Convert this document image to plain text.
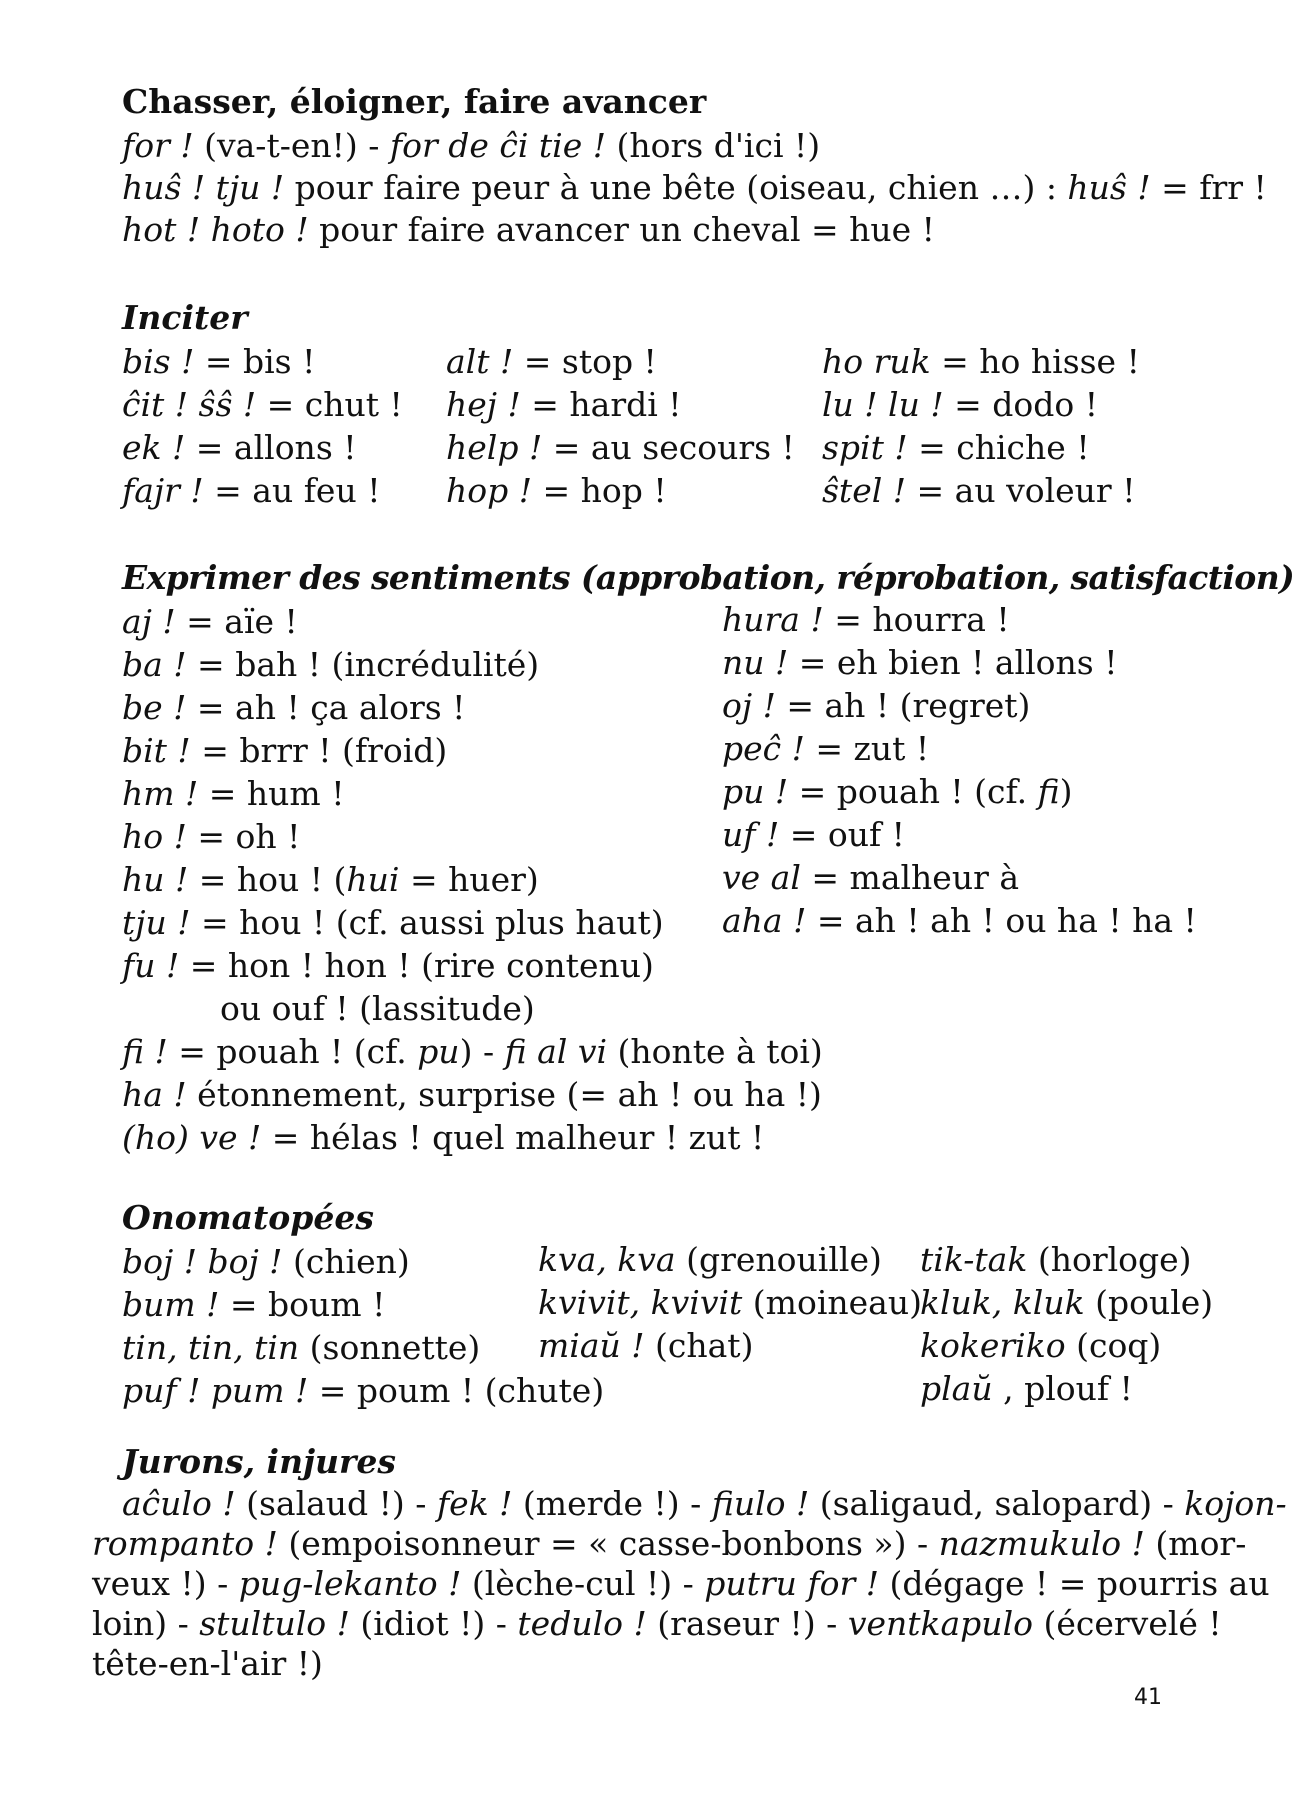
Chasser, éloigner, faire avancer
for ! (va-t-en!) - for de ĉi tie ! (hors d'ici !)
huŝ ! tju ! pour faire peur à une bête (oiseau, chien …) : huŝ ! = frr !
hot ! hoto ! pour faire avancer un cheval = hue !
Inciter
bis ! = bis !
ĉit ! ŝŝ ! = chut !
ek ! = allons !
fajr ! = au feu !
alt ! = stop !
hej ! = hardi !
help ! = au secours !
hop ! = hop !
ho ruk = ho hisse !
lu ! lu ! = dodo !
spit ! = chiche !
ŝtel ! = au voleur !
Exprimer des sentiments (approbation, réprobation, satisfaction)
aj ! = aïe !
ba ! = bah ! (incrédulité)
be ! = ah ! ça alors !
bit ! = brrr ! (froid)
hm ! = hum !
ho ! = oh !
hu ! = hou ! (hui = huer)
tju ! = hou ! (cf. aussi plus haut)
fu ! = hon ! hon ! (rire contenu)
ou ouf ! (lassitude)
hura ! = hourra !
nu ! = eh bien ! allons !
oj ! = ah ! (regret)
peĉ ! = zut !
pu ! = pouah ! (cf. fi)
uf ! = ouf !
ve al = malheur à
aha ! = ah ! ah ! ou ha ! ha !
fi ! = pouah ! (cf. pu) - fi al vi (honte à toi)
ha ! étonnement, surprise (= ah ! ou ha !)
(ho) ve ! = hélas ! quel malheur ! zut !
Onomatopées
boj ! boj ! (chien)
bum ! = boum !
tin, tin, tin (sonnette)
puf ! pum ! = poum ! (chute)
kva, kva (grenouille)
kvivit, kvivit (moineau)
miaŭ ! (chat)
tik-tak (horloge)
kluk, kluk (poule)
kokeriko (coq)
plaŭ , plouf !
Jurons, injures
aĉulo ! (salaud !) - fek ! (merde !) - fiulo ! (saligaud, salopard) - kojon-
rompanto ! (empoisonneur = « casse-bonbons ») - nazmukulo ! (mor-
veux !) - pug-lekanto ! (lèche-cul !) - putru for ! (dégage ! = pourris au
loin) - stultulo ! (idiot !) - tedulo ! (raseur !) - ventkapulo (écervelé !
tête-en-l'air !)
41
